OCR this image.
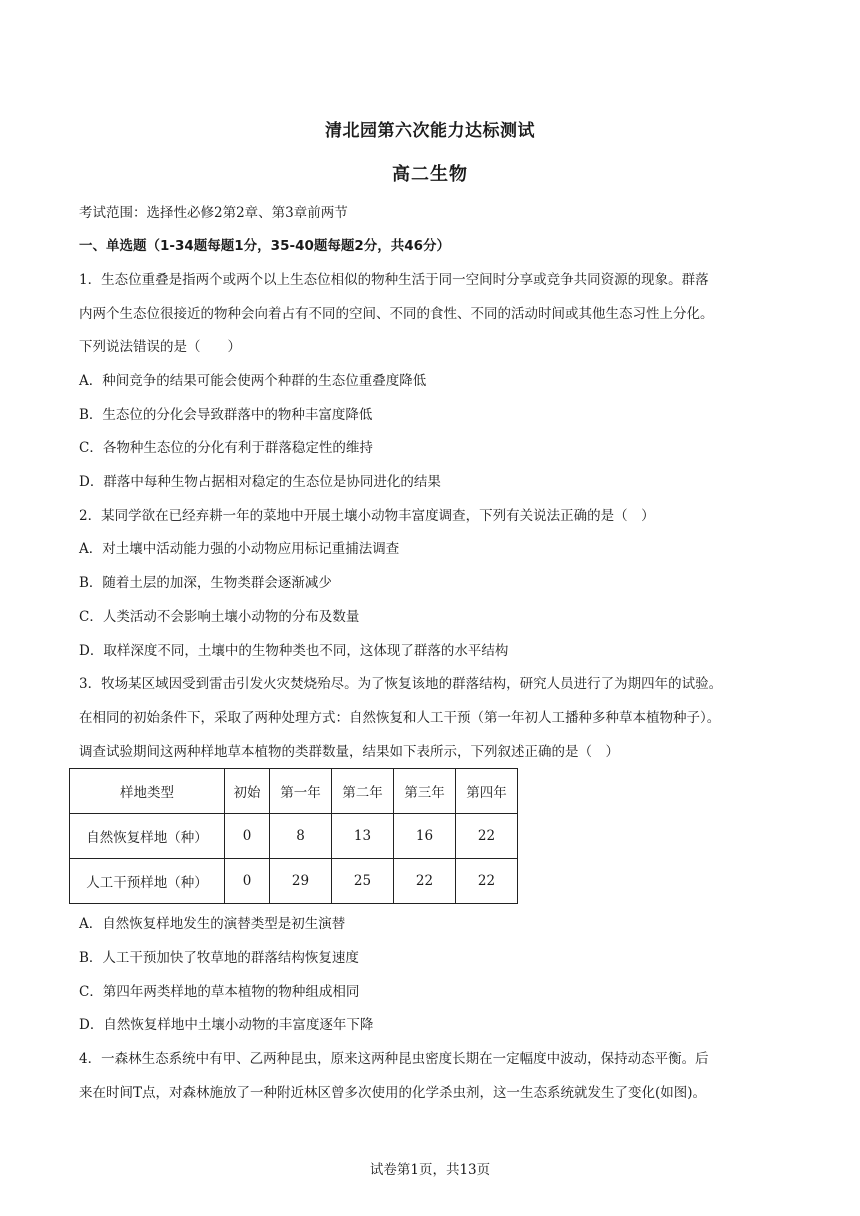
清北园第六次能力达标测试
高二生物
考试范围：选择性必修2第2章、第3章前两节
一、单选题（1-34题每题1分，35-40题每题2分，共46分）
1．生态位重叠是指两个或两个以上生态位相似的物种生活于同一空间时分享或竞争共同资源的现象。群落
内两个生态位很接近的物种会向着占有不同的空间、不同的食性、不同的活动时间或其他生态习性上分化。
下列说法错误的是（　　）
A．种间竞争的结果可能会使两个种群的生态位重叠度降低
B．生态位的分化会导致群落中的物种丰富度降低
C．各物种生态位的分化有利于群落稳定性的维持
D．群落中每种生物占据相对稳定的生态位是协同进化的结果
2．某同学欲在已经弃耕一年的菜地中开展土壤小动物丰富度调查，下列有关说法正确的是（　）
A．对土壤中活动能力强的小动物应用标记重捕法调查
B．随着土层的加深，生物类群会逐渐减少
C．人类活动不会影响土壤小动物的分布及数量
D．取样深度不同，土壤中的生物种类也不同，这体现了群落的水平结构
3．牧场某区域因受到雷击引发火灾焚烧殆尽。为了恢复该地的群落结构，研究人员进行了为期四年的试验。
在相同的初始条件下，采取了两种处理方式：自然恢复和人工干预（第一年初人工播种多种草本植物种子）。
调查试验期间这两种样地草本植物的类群数量，结果如下表所示，下列叙述正确的是（　）
样地类型	初始	第一年	第二年	第三年	第四年
自然恢复样地（种）	0	8	13	16	22
人工干预样地（种）	0	29	25	22	22
A．自然恢复样地发生的演替类型是初生演替
B．人工干预加快了牧草地的群落结构恢复速度
C．第四年两类样地的草本植物的物种组成相同
D．自然恢复样地中土壤小动物的丰富度逐年下降
4．一森林生态系统中有甲、乙两种昆虫，原来这两种昆虫密度长期在一定幅度中波动，保持动态平衡。后
来在时间T点，对森林施放了一种附近林区曾多次使用的化学杀虫剂，这一生态系统就发生了变化(如图)。
试卷第1页，共13页
